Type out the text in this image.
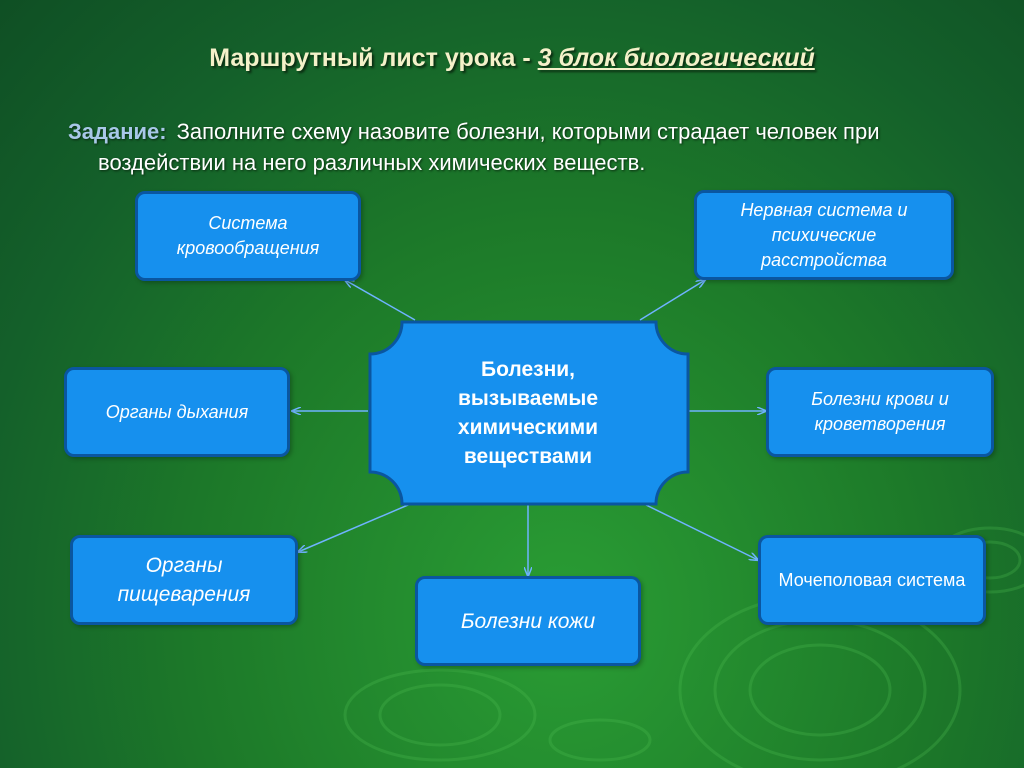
Маршрутный лист урока - 3 блок биологический
Задание: Заполните схему назовите болезни, которыми страдает человек при воздействии на него различных химических веществ.
Болезни,
вызываемые
химическими
веществами
Система кровообращения
Нервная система и психические расстройства
Органы дыхания
Болезни крови и кроветворения
Органы пищеварения
Болезни кожи
Мочеполовая система
